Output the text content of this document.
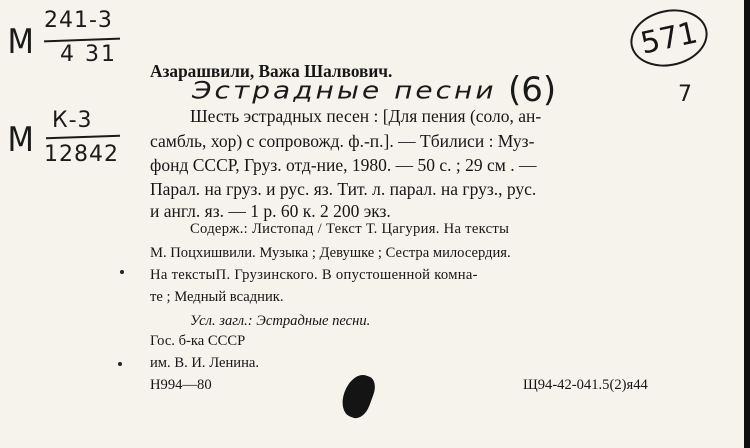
М
241-3
4 31
М К-3
12842
571
Азарашвили, Важа Шалвович.
Эстрадные песни (6)	7
Шесть эстрадных песен : [Для пения (соло, ан-
самбль, хор) с сопровожд. ф.-п.]. — Тбилиси : Муз-
фонд СССР, Груз. отд-ние, 1980. — 50 с. ; 29 см . —
Парал. на груз. и рус. яз. Тит. л. парал. на груз., рус.
и англ. яз. — 1 р. 60 к. 2 200 экз.
Содерж.: Листопад / Текст Т. Цагурия. На тексты
М. Поцхишвили. Музыка ; Девушке ; Сестра милосердия.
На текстыП. Грузинского. В опустошенной комна-
те ; Медный всадник.
Усл. загл.: Эстрадные песни.
Гос. б-ка СССР
им. В. И. Ленина.
Н994—80	Щ94-42-041.5(2)я44
